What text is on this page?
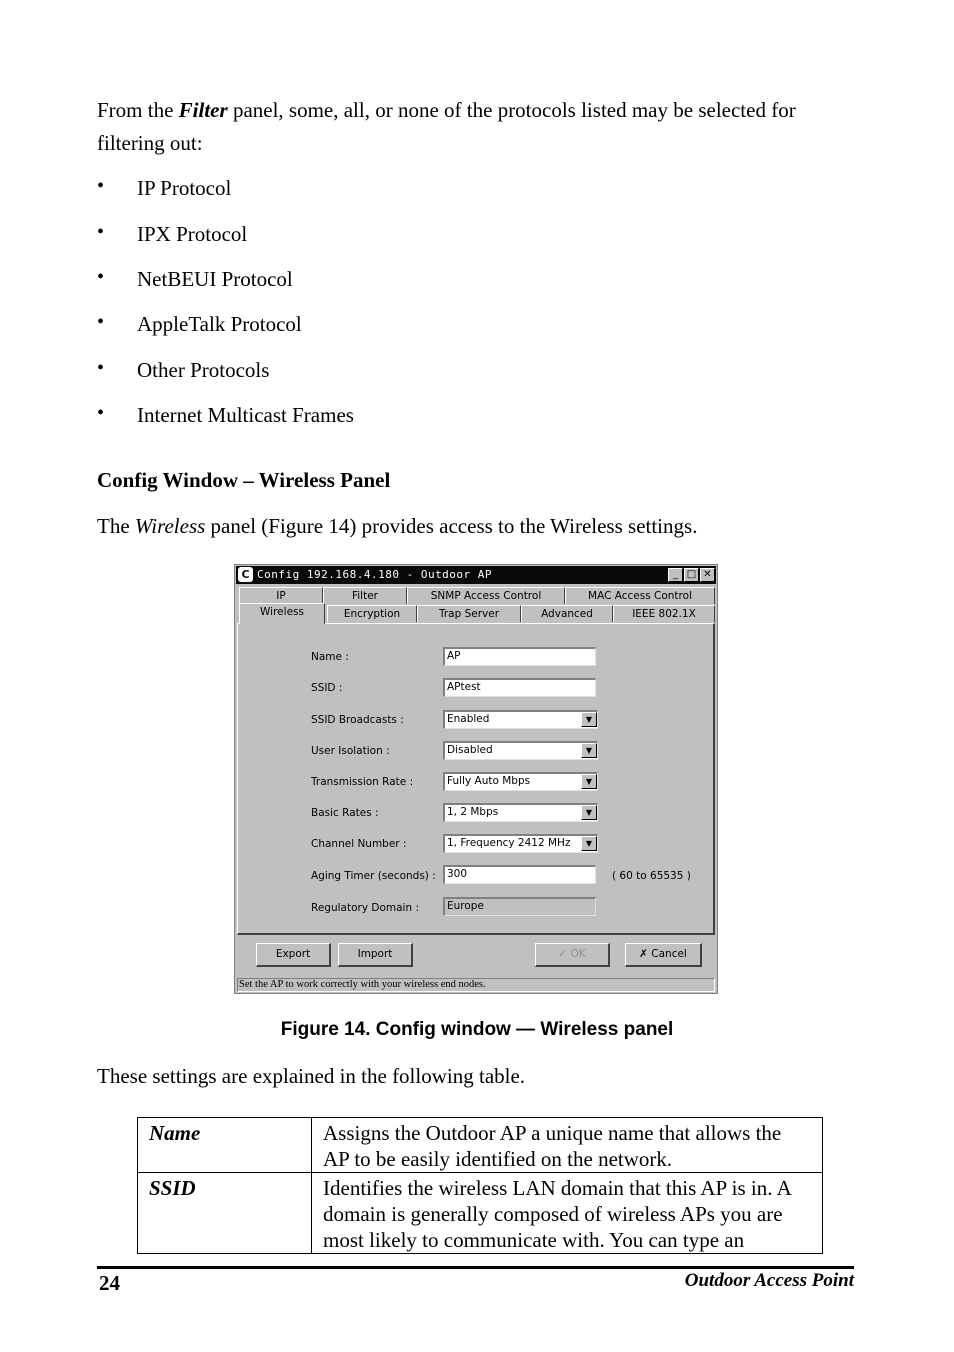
From the Filter panel, some, all, or none of the protocols listed may be selected for
filtering out:
• IP Protocol
• IPX Protocol
• NetBEUI Protocol
• AppleTalk Protocol
• Other Protocols
• Internet Multicast Frames
Config Window – Wireless Panel
The Wireless panel (Figure 14) provides access to the Wireless settings.
C Config 192.168.4.180 - Outdoor AP	_ □ ✕
IP	Filter	SNMP Access Control	MAC Access Control
Wireless	Encryption	Trap Server	Advanced	IEEE 802.1X
Name :	AP
SSID :	APtest
SSID Broadcasts :	Enabled	▼
User Isolation :	Disabled	▼
Transmission Rate :	Fully Auto Mbps	▼
Basic Rates :	1, 2 Mbps	▼
Channel Number :	1, Frequency 2412 MHz	▼
Aging Timer (seconds) :	300	( 60 to 65535 )
Regulatory Domain :	Europe
Export	Import	✓ OK	✗ Cancel
Set the AP to work correctly with your wireless end nodes.
Figure 14. Config window — Wireless panel
These settings are explained in the following table.
Name	Assigns the Outdoor AP a unique name that allows the AP to be easily identified on the network.
SSID	Identifies the wireless LAN domain that this AP is in. A domain is generally composed of wireless APs you are most likely to communicate with. You can type an
24	Outdoor Access Point
